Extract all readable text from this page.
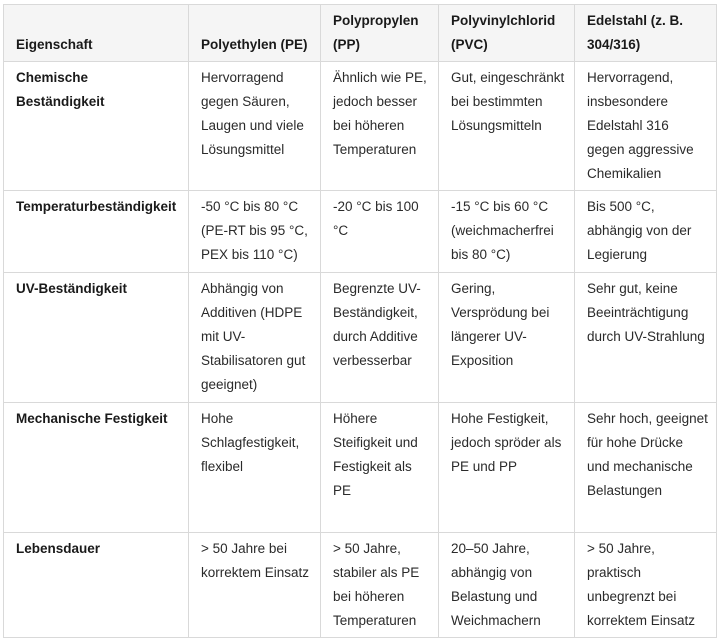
Eigenschaft	Polyethylen (PE)	Polypropylen (PP)	Polyvinylchlorid (PVC)	Edelstahl (z. B. 304/316)
Chemische Beständigkeit	Hervorragend gegen Säuren, Laugen und viele Lösungsmittel	Ähnlich wie PE, jedoch besser bei höheren Temperaturen	Gut, eingeschränkt bei bestimmten Lösungsmitteln	Hervorragend, insbesondere Edelstahl 316 gegen aggressive Chemikalien
Temperaturbeständigkeit	-50 °C bis 80 °C (PE-RT bis 95 °C, PEX bis 110 °C)	-20 °C bis 100 °C	-15 °C bis 60 °C (weichmacherfrei bis 80 °C)	Bis 500 °C, abhängig von der Legierung
UV-Beständigkeit	Abhängig von Additiven (HDPE mit UV-Stabilisatoren gut geeignet)	Begrenzte UV-Beständigkeit, durch Additive verbesserbar	Gering, Versprödung bei längerer UV-Exposition	Sehr gut, keine Beeinträchtigung durch UV-Strahlung
Mechanische Festigkeit	Hohe Schlagfestigkeit, flexibel	Höhere Steifigkeit und Festigkeit als PE	Hohe Festigkeit, jedoch spröder als PE und PP	Sehr hoch, geeignet für hohe Drücke und mechanische Belastungen
Lebensdauer	> 50 Jahre bei korrektem Einsatz	> 50 Jahre, stabiler als PE bei höheren Temperaturen	20–50 Jahre, abhängig von Belastung und Weichmachern	> 50 Jahre, praktisch unbegrenzt bei korrektem Einsatz
